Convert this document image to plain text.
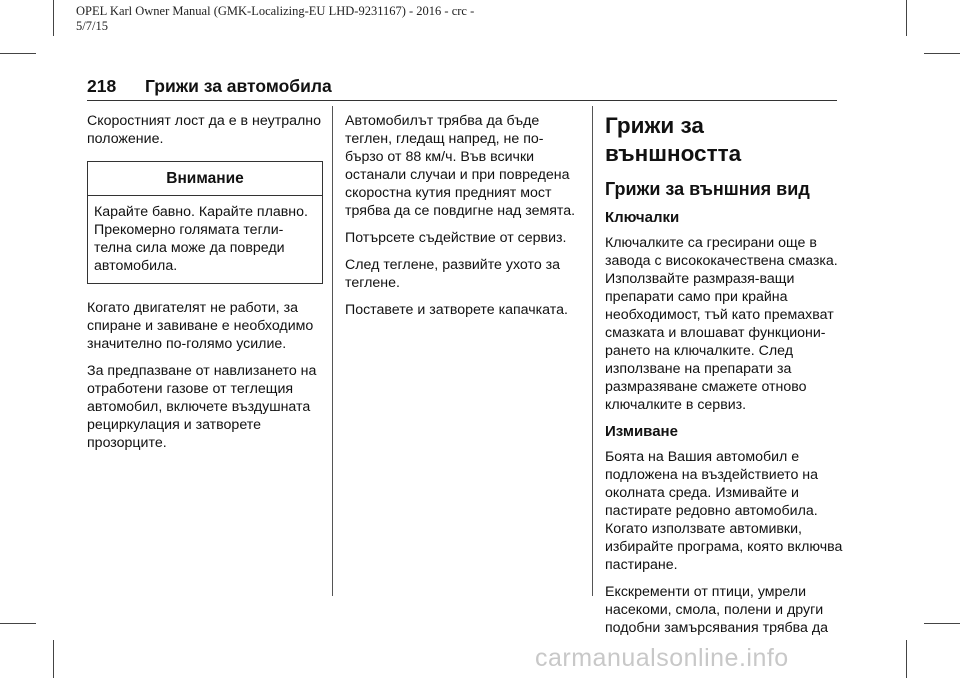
OPEL Karl Owner Manual (GMK-Localizing-EU LHD-9231167) - 2016 - crc -
5/7/15
218 Грижи за автомобила

Скоростният лост да е в неутрално положение.

Внимание
Карайте бавно. Карайте плавно. Прекомерно голямата тегли-телна сила може да повреди автомобила.

Когато двигателят не работи, за спиране и завиване е необходимо значително по-голямо усилие.

За предпазване от навлизането на отработени газове от теглещия автомобил, включете въздушната рециркулация и затворете прозорците.

Автомобилът трябва да бъде теглен, гледащ напред, не по-бързо от 88 км/ч. Във всички останали случаи и при повредена скоростна кутия предният мост трябва да се повдигне над земята.

Потърсете съдействие от сервиз.

След теглене, развийте ухото за теглене.

Поставете и затворете капачката.

Грижи за външността
Грижи за външния вид
Ключалки

Ключалките са гресирани още в завода с висококачествена смазка. Използвайте размразя-ващи препарати само при крайна необходимост, тъй като премахват смазката и влошават функциони-рането на ключалките. След използване на препарати за размразяване смажете отново ключалките в сервиз.

Измиване

Боята на Вашия автомобил е подложена на въздействието на околната среда. Измивайте и пастирате редовно автомобила. Когато използвате автомивки, избирайте програма, която включва пастиране.

Екскременти от птици, умрели насекоми, смола, полени и други подобни замърсявания трябва да

carmanualsonline.info
